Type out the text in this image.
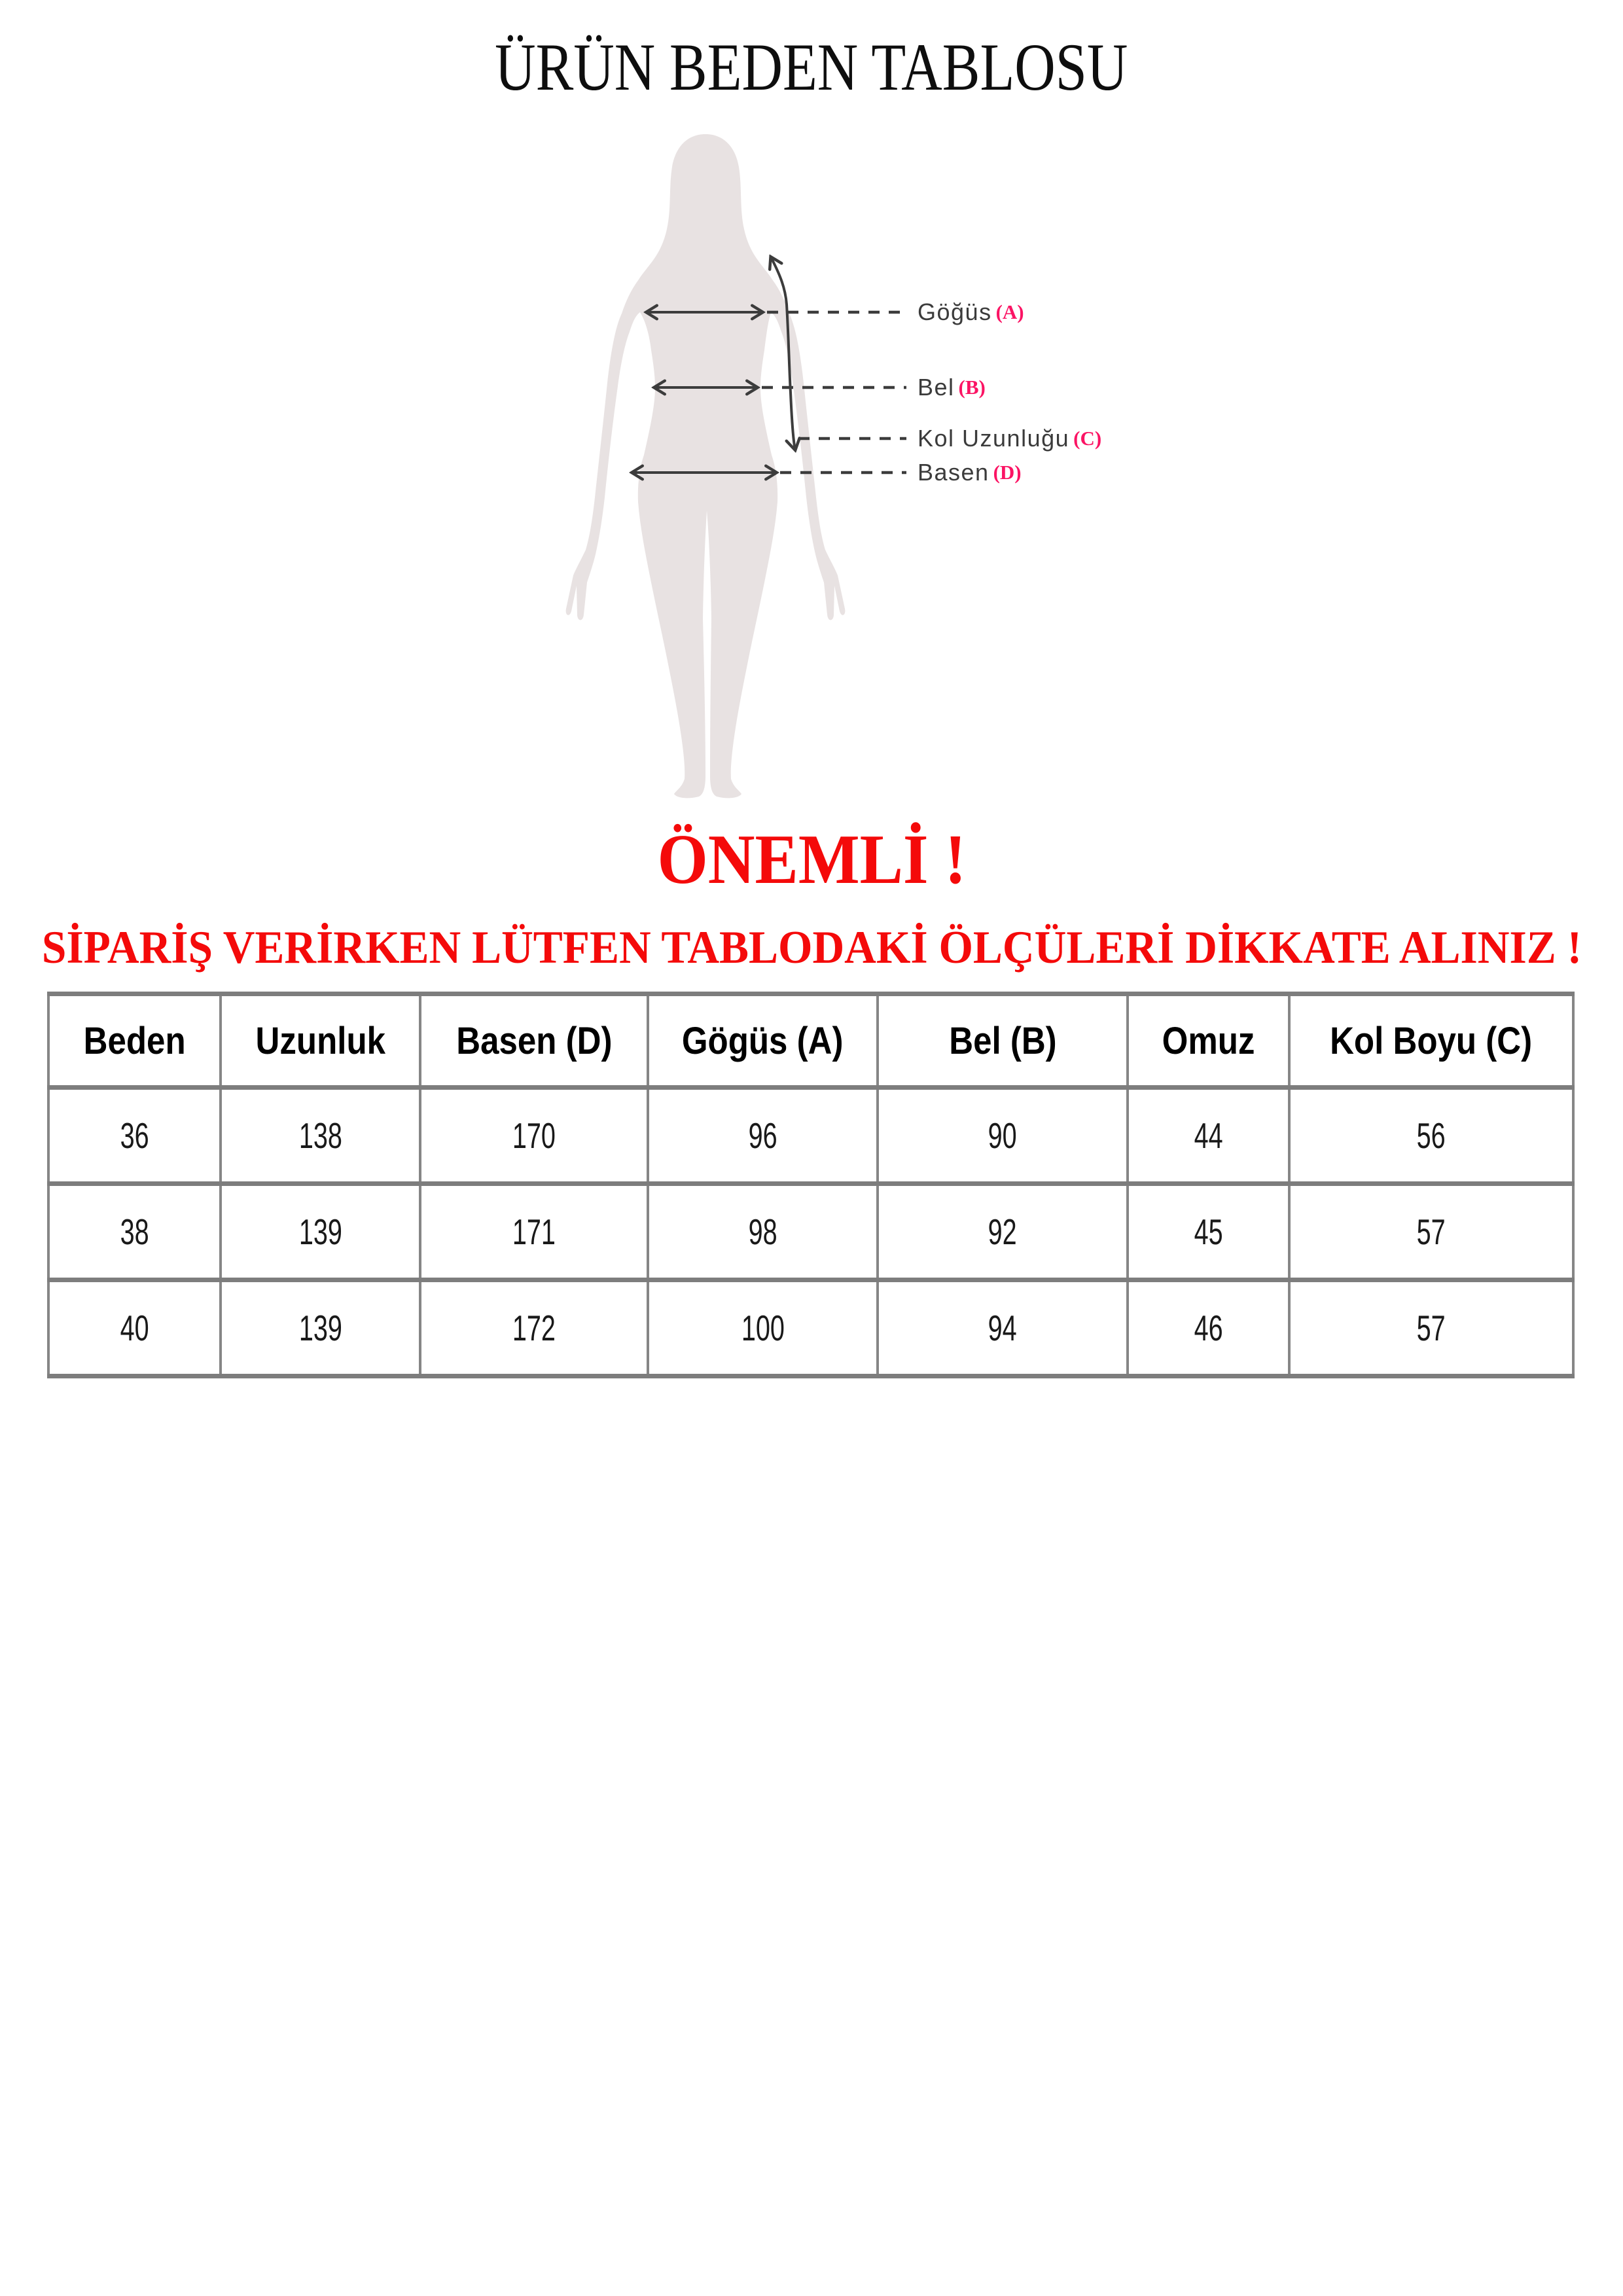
ÜRÜN BEDEN TABLOSU
Göğüs (A)
Bel (B)
Kol Uzunluğu (C)
Basen (D)
ÖNEMLİ !
SİPARİŞ VERİRKEN LÜTFEN TABLODAKİ ÖLÇÜLERİ DİKKATE ALINIZ !
Beden	Uzunluk	Basen (D)	Gögüs (A)	Bel (B)	Omuz	Kol Boyu (C)
36	138	170	96	90	44	56
38	139	171	98	92	45	57
40	139	172	100	94	46	57
